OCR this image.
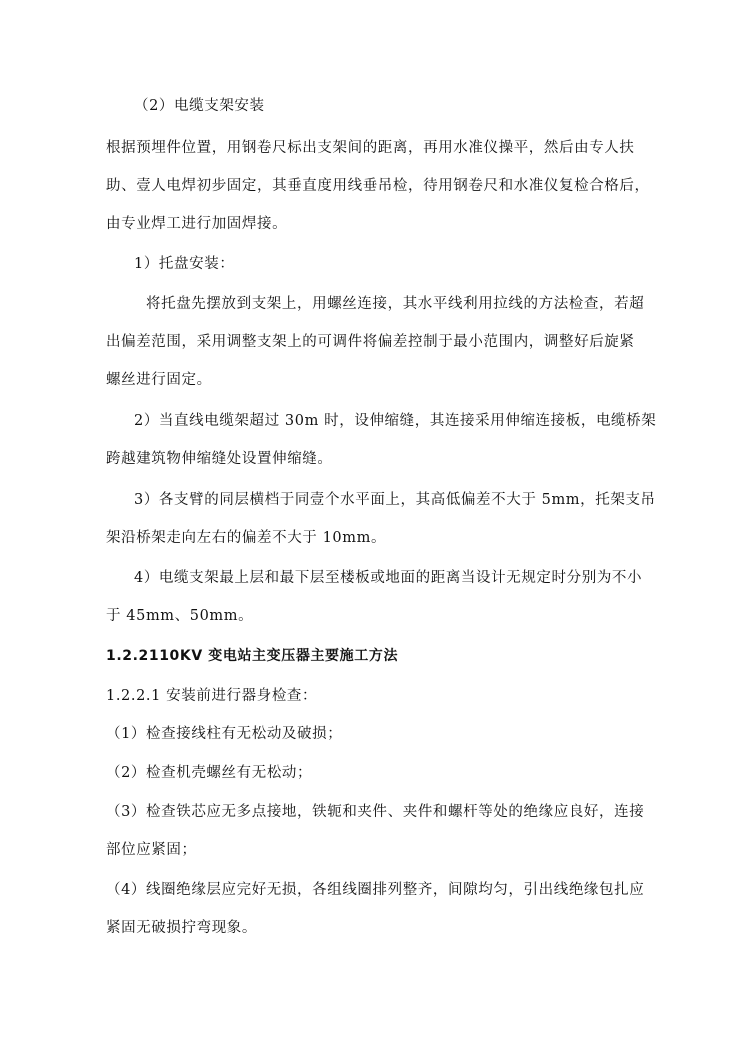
（2）电缆支架安装
根据预埋件位置，用钢卷尺标出支架间的距离，再用水准仪操平，然后由专人扶
助、壹人电焊初步固定，其垂直度用线垂吊检，待用钢卷尺和水准仪复检合格后，
由专业焊工进行加固焊接。
1）托盘安装：
将托盘先摆放到支架上，用螺丝连接，其水平线利用拉线的方法检查，若超
出偏差范围，采用调整支架上的可调件将偏差控制于最小范围内，调整好后旋紧
螺丝进行固定。
2）当直线电缆架超过 30m 时，设伸缩缝，其连接采用伸缩连接板，电缆桥架
跨越建筑物伸缩缝处设置伸缩缝。
3）各支臂的同层横档于同壹个水平面上，其高低偏差不大于 5mm，托架支吊
架沿桥架走向左右的偏差不大于 10mm。
4）电缆支架最上层和最下层至楼板或地面的距离当设计无规定时分别为不小
于 45mm、50mm。
1.2.2110KV 变电站主变压器主要施工方法
1.2.2.1 安装前进行器身检查：
（1）检查接线柱有无松动及破损；
（2）检查机壳螺丝有无松动；
（3）检查铁芯应无多点接地，铁轭和夹件、夹件和螺杆等处的绝缘应良好，连接
部位应紧固；
（4）线圈绝缘层应完好无损，各组线圈排列整齐，间隙均匀，引出线绝缘包扎应
紧固无破损拧弯现象。
